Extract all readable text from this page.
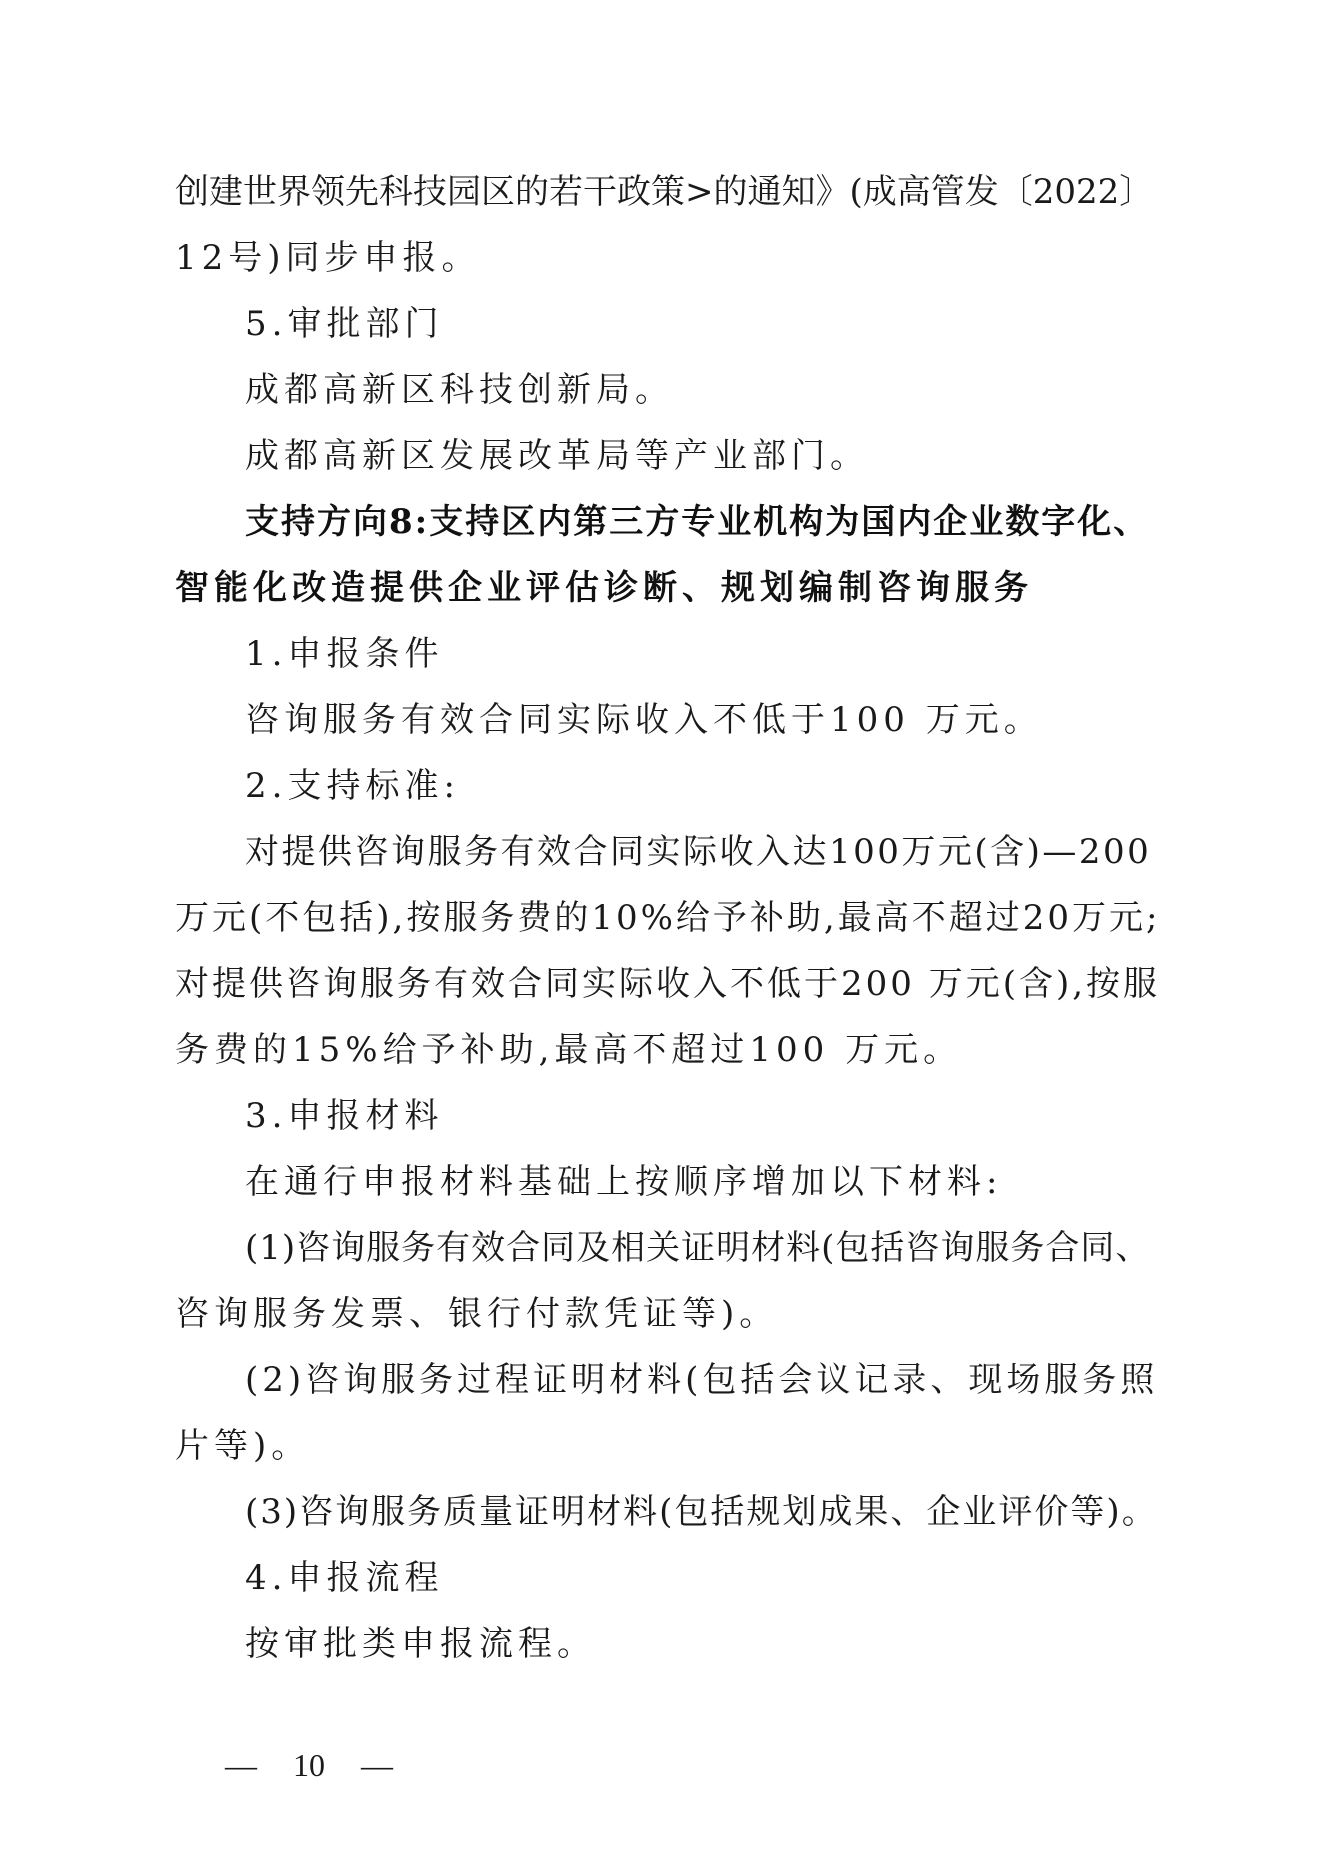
创建世界领先科技园区的若干政策>的通知》(成高管发〔2022〕
12号)同步申报。
5.审批部门
成都高新区科技创新局。
成都高新区发展改革局等产业部门。
支持方向8:支持区内第三方专业机构为国内企业数字化、
智能化改造提供企业评估诊断、规划编制咨询服务
1.申报条件
咨询服务有效合同实际收入不低于100 万元。
2.支持标准:
对提供咨询服务有效合同实际收入达100万元(含)—200
万元(不包括),按服务费的10%给予补助,最高不超过20万元;
对提供咨询服务有效合同实际收入不低于200 万元(含),按服
务费的15%给予补助,最高不超过100 万元。
3.申报材料
在通行申报材料基础上按顺序增加以下材料:
(1)咨询服务有效合同及相关证明材料(包括咨询服务合同、
咨询服务发票、银行付款凭证等)。
(2)咨询服务过程证明材料(包括会议记录、现场服务照
片等)。
(3)咨询服务质量证明材料(包括规划成果、企业评价等)。
4.申报流程
按审批类申报流程。
— 10 —
